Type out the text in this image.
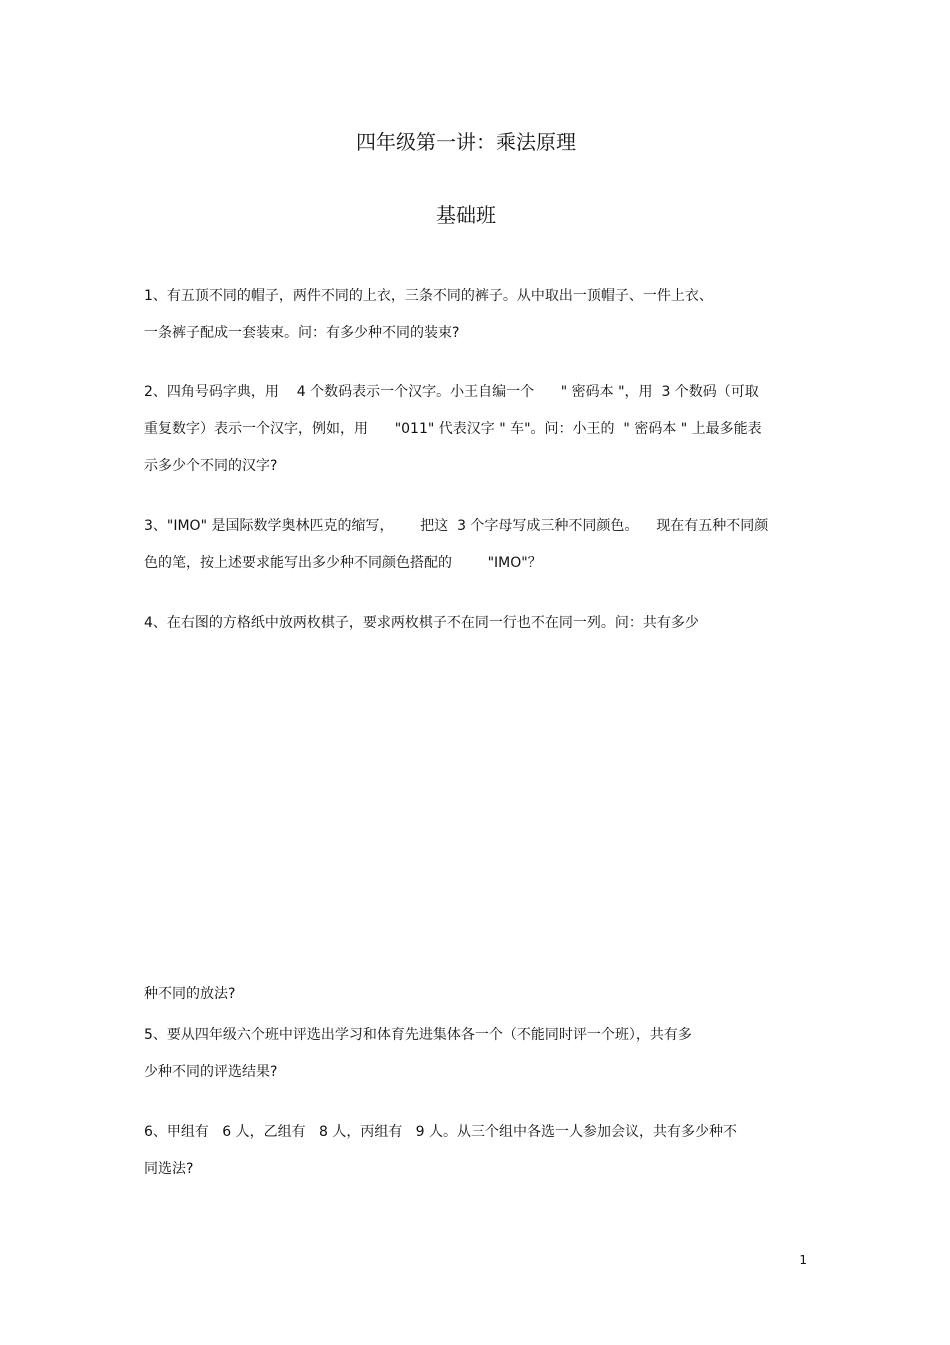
四年级第一讲：乘法原理
基础班
1、有五顶不同的帽子，两件不同的上衣，三条不同的裤子。从中取出一顶帽子、一件上衣、
一条裤子配成一套装束。问：有多少种不同的装束?
2、四角号码字典，用    4 个数码表示一个汉字。小王自编一个      " 密码本 "，用  3 个数码（可取
重复数字）表示一个汉字，例如，用      "011" 代表汉字 " 车"。问：小王的  " 密码本 " 上最多能表
示多少个不同的汉字?
3、"IMO" 是国际数学奥林匹克的缩写，      把这  3 个字母写成三种不同颜色。    现在有五种不同颜
色的笔，按上述要求能写出多少种不同颜色搭配的        "IMO"？
4、在右图的方格纸中放两枚棋子，要求两枚棋子不在同一行也不在同一列。问：共有多少
种不同的放法?
5、要从四年级六个班中评选出学习和体育先进集体各一个（不能同时评一个班），共有多
少种不同的评选结果?
6、甲组有   6 人，乙组有   8 人，丙组有   9 人。从三个组中各选一人参加会议，共有多少种不
同选法?
1
